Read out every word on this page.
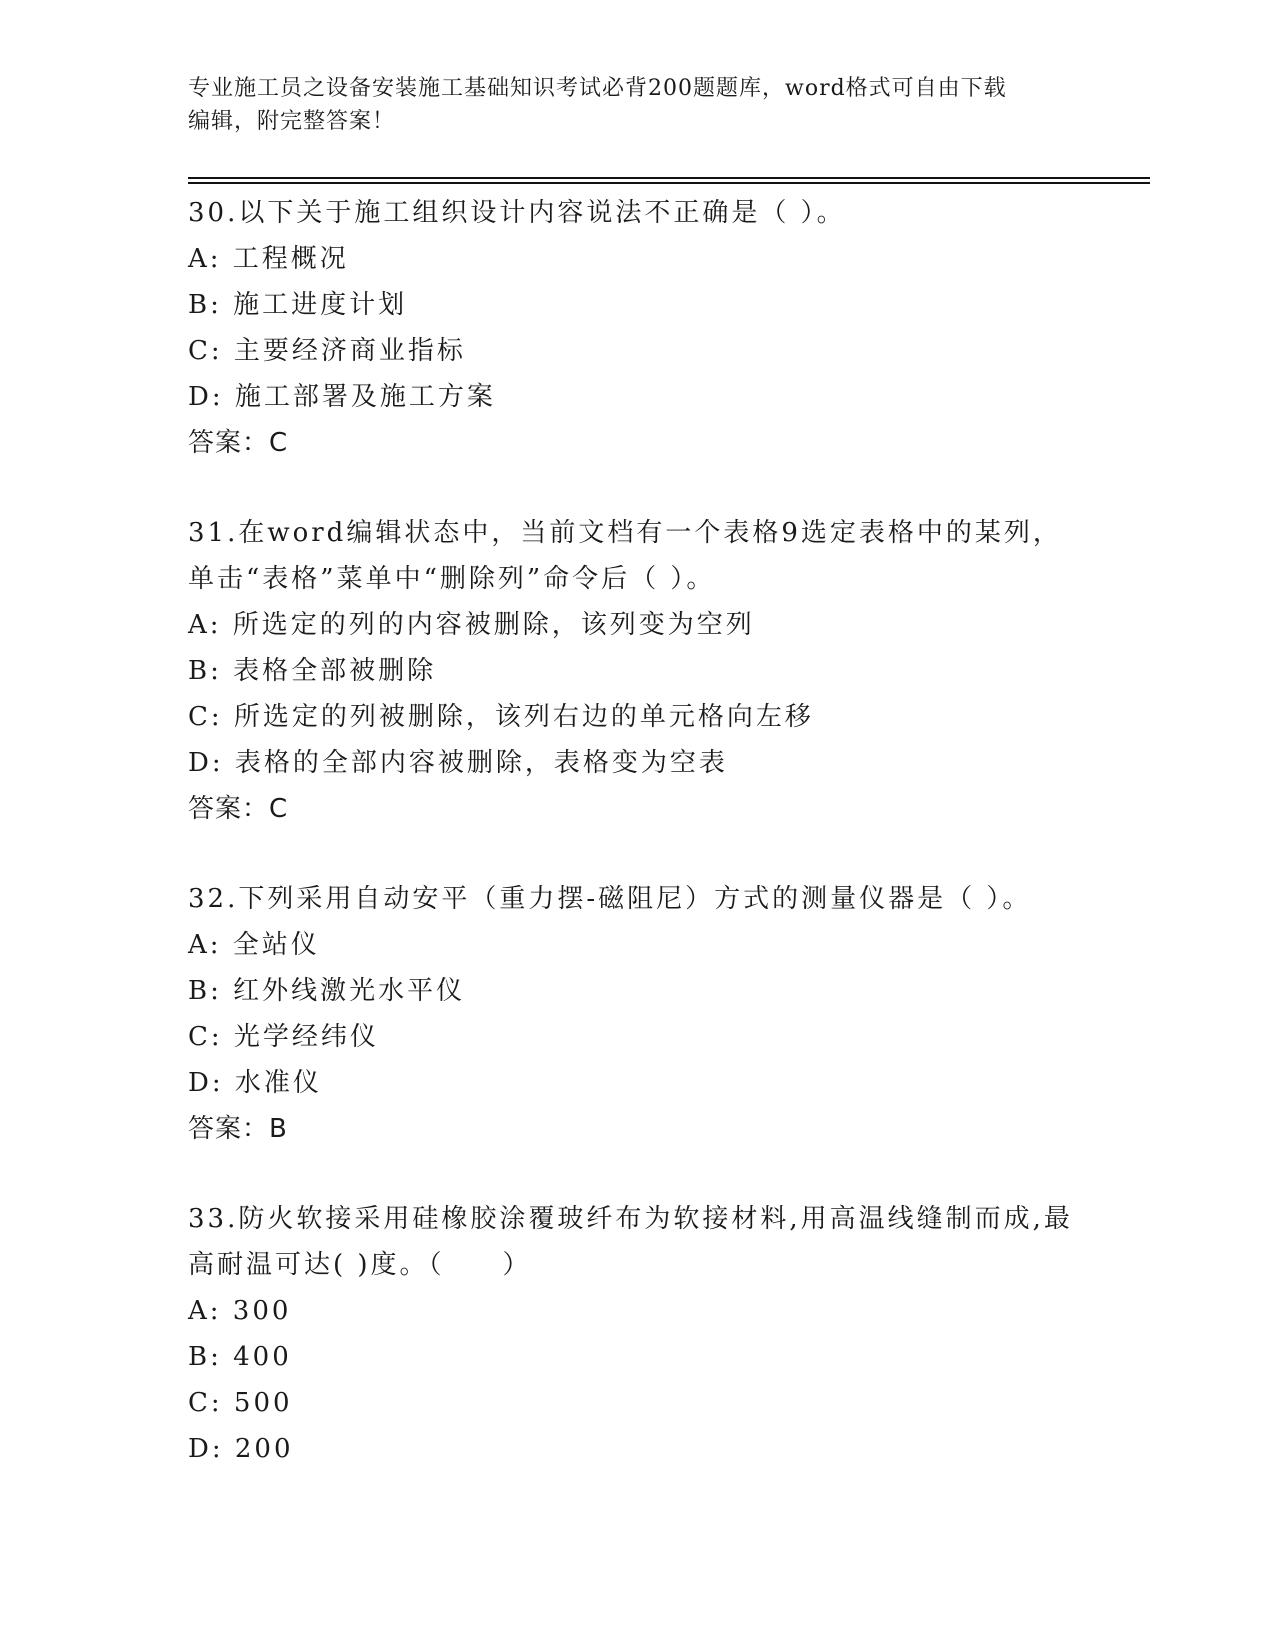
专业施工员之设备安装施工基础知识考试必背200题题库，word格式可自由下载
编辑，附完整答案！
30.以下关于施工组织设计内容说法不正确是（ ）。
A: 工程概况
B: 施工进度计划
C: 主要经济商业指标
D: 施工部署及施工方案
答案：C
31.在word编辑状态中，当前文档有一个表格9选定表格中的某列，
单击“表格”菜单中“删除列”命令后（ ）。
A: 所选定的列的内容被删除，该列变为空列
B: 表格全部被删除
C: 所选定的列被删除，该列右边的单元格向左移
D: 表格的全部内容被删除，表格变为空表
答案：C
32.下列采用自动安平（重力摆-磁阻尼）方式的测量仪器是（ ）。
A: 全站仪
B: 红外线激光水平仪
C: 光学经纬仪
D: 水准仪
答案：B
33.防火软接采用硅橡胶涂覆玻纤布为软接材料,用高温线缝制而成,最
高耐温可达( )度。（　　）
A: 300
B: 400
C: 500
D: 200
